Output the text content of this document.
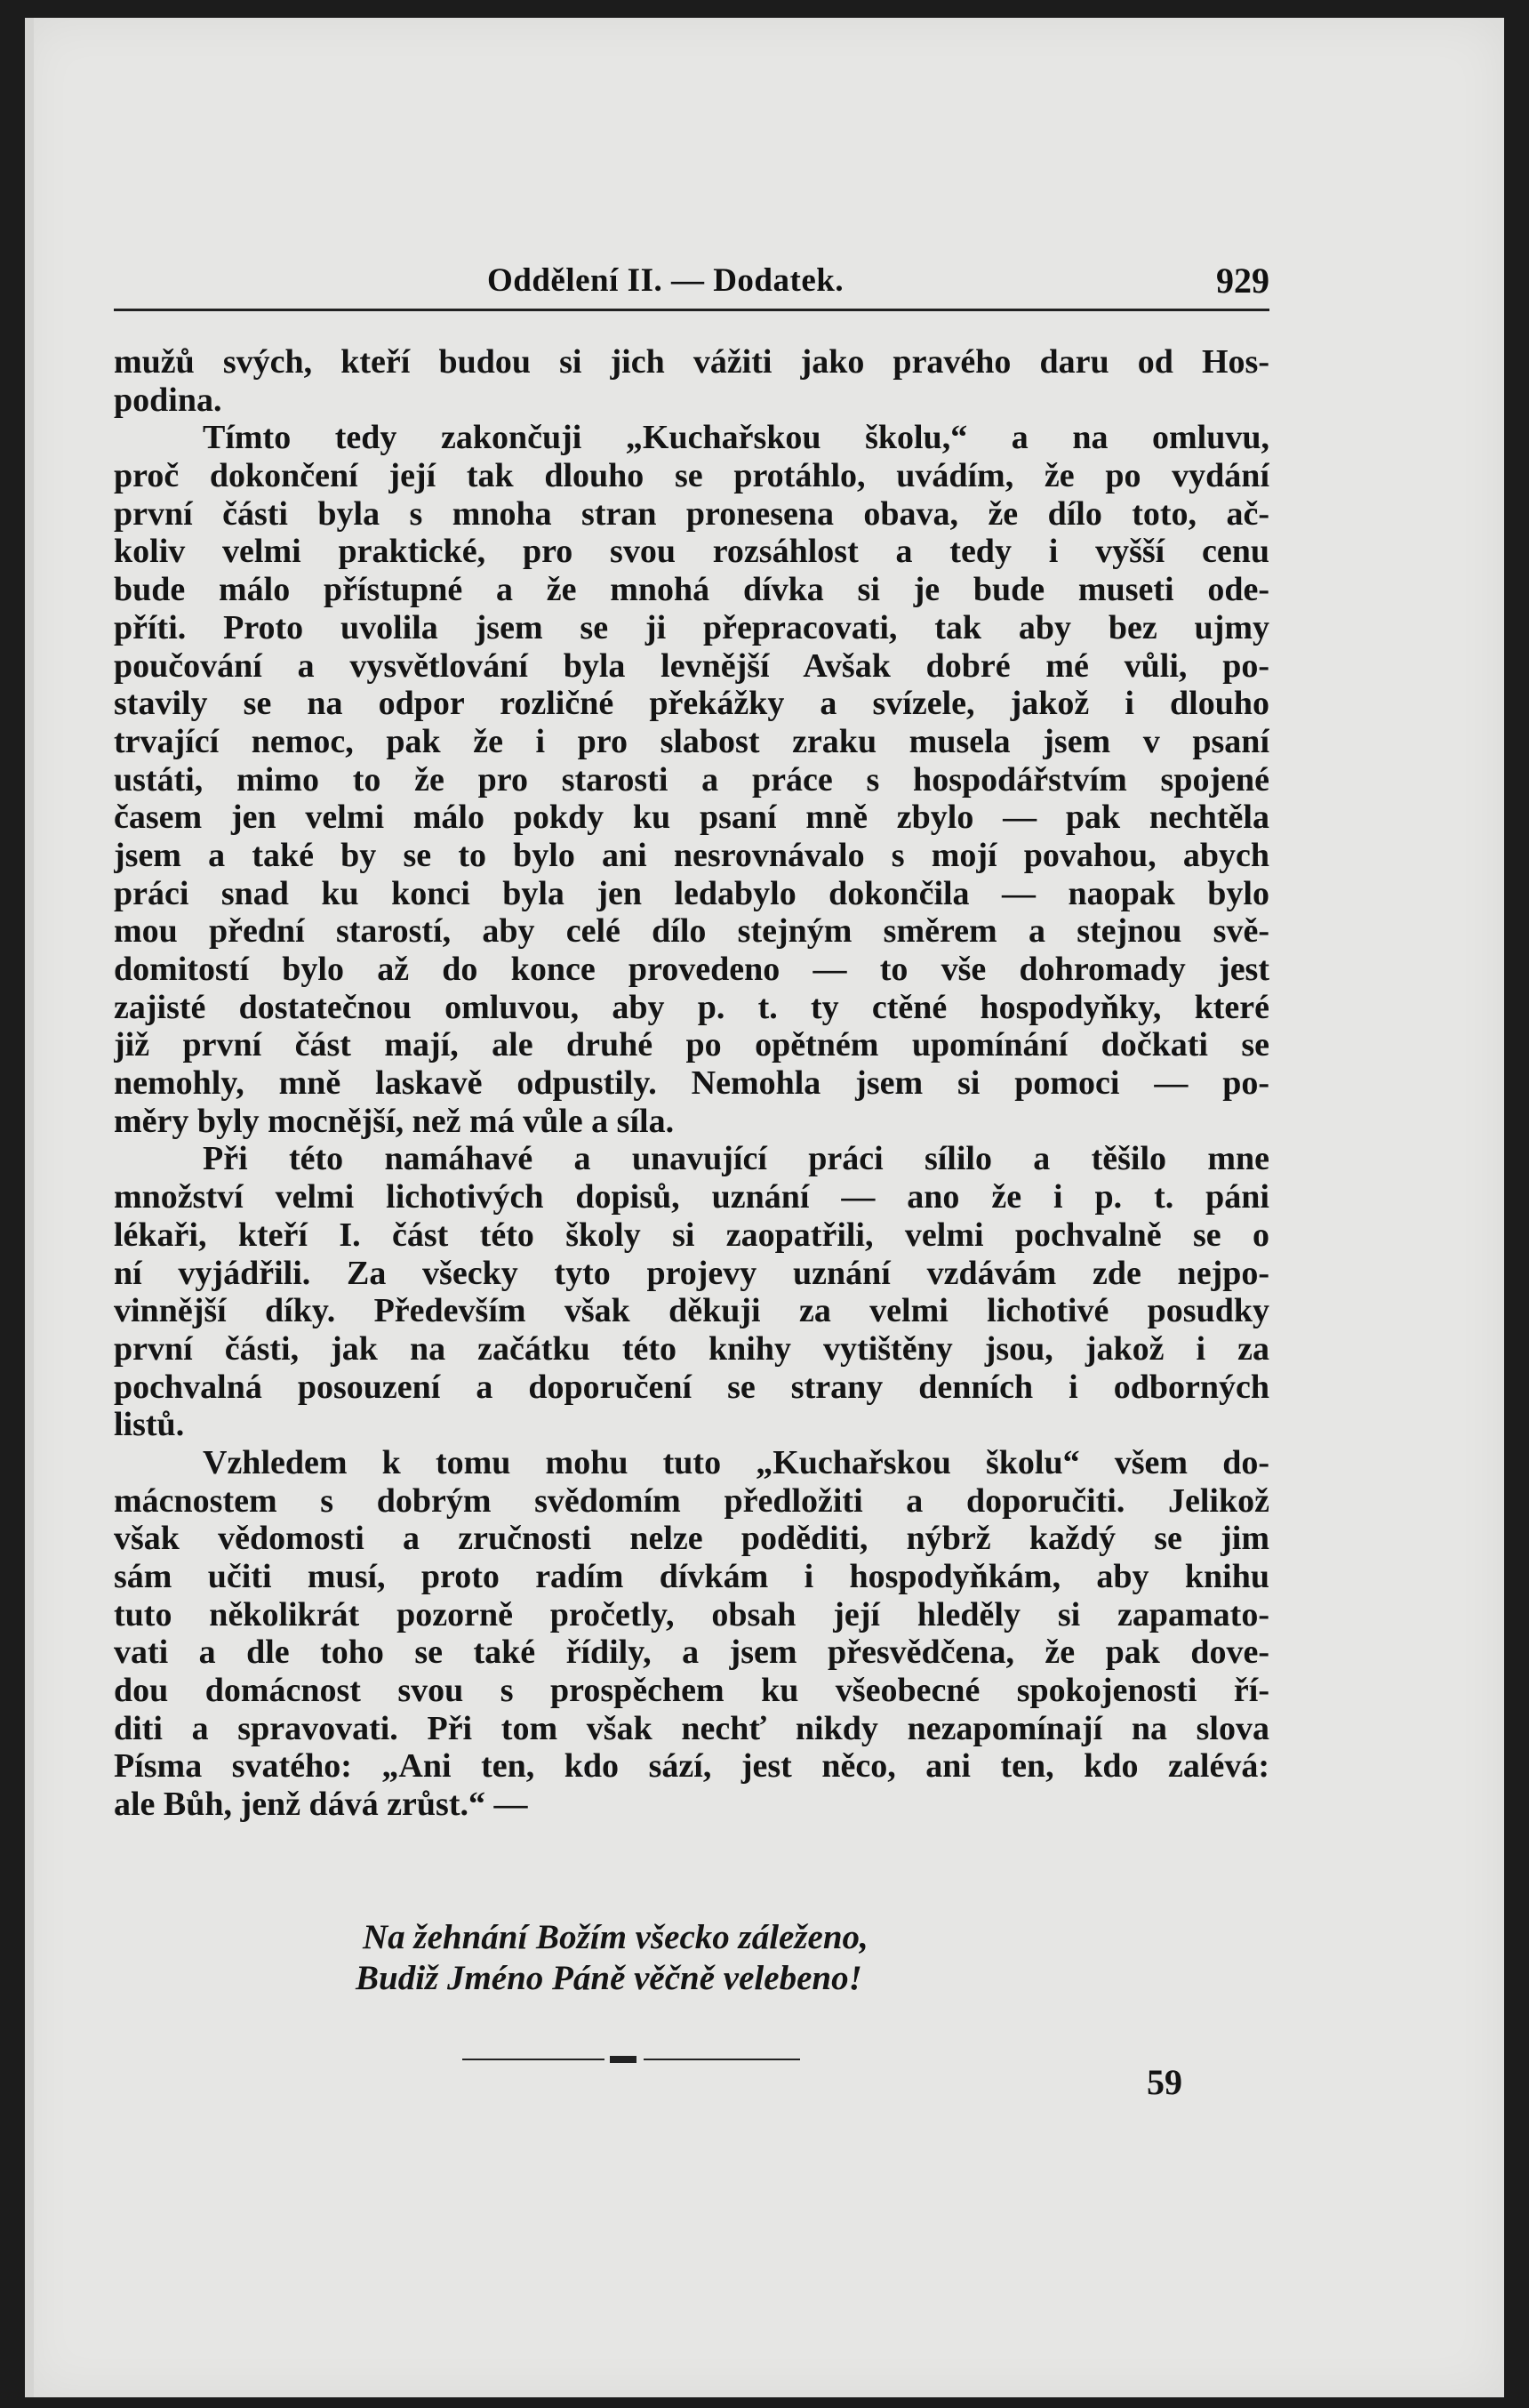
Oddělení II. — Dodatek.	929
mužů svých, kteří budou si jich vážiti jako pravého daru od Hos-
podina.
Tímto tedy zakončuji „Kuchařskou školu,“ a na omluvu,
proč dokončení její tak dlouho se protáhlo, uvádím, že po vydání
první části byla s mnoha stran pronesena obava, že dílo toto, ač-
koliv velmi praktické, pro svou rozsáhlost a tedy i vyšší cenu
bude málo přístupné a že mnohá dívka si je bude museti ode-
příti. Proto uvolila jsem se ji přepracovati, tak aby bez ujmy
poučování a vysvětlování byla levnější Avšak dobré mé vůli, po-
stavily se na odpor rozličné překážky a svízele, jakož i dlouho
trvající nemoc, pak že i pro slabost zraku musela jsem v psaní
ustáti, mimo to že pro starosti a práce s hospodářstvím spojené
časem jen velmi málo pokdy ku psaní mně zbylo — pak nechtěla
jsem a také by se to bylo ani nesrovnávalo s mojí povahou, abych
práci snad ku konci byla jen ledabylo dokončila — naopak bylo
mou přední starostí, aby celé dílo stejným směrem a stejnou svě-
domitostí bylo až do konce provedeno — to vše dohromady jest
zajisté dostatečnou omluvou, aby p. t. ty ctěné hospodyňky, které
již první část mají, ale druhé po opětném upomínání dočkati se
nemohly, mně laskavě odpustily. Nemohla jsem si pomoci — po-
měry byly mocnější, než má vůle a síla.
Při této namáhavé a unavující práci sílilo a těšilo mne
množství velmi lichotivých dopisů, uznání — ano že i p. t. páni
lékaři, kteří I. část této školy si zaopatřili, velmi pochvalně se o
ní vyjádřili. Za všecky tyto projevy uznání vzdávám zde nejpo-
vinnější díky. Především však děkuji za velmi lichotivé posudky
první části, jak na začátku této knihy vytištěny jsou, jakož i za
pochvalná posouzení a doporučení se strany denních i odborných
listů.
Vzhledem k tomu mohu tuto „Kuchařskou školu“ všem do-
mácnostem s dobrým svědomím předložiti a doporučiti. Jelikož
však vědomosti a zručnosti nelze poděditi, nýbrž každý se jim
sám učiti musí, proto radím dívkám i hospodyňkám, aby knihu
tuto několikrát pozorně pročetly, obsah její hleděly si zapamato-
vati a dle toho se také řídily, a jsem přesvědčena, že pak dove-
dou domácnost svou s prospěchem ku všeobecné spokojenosti ří-
diti a spravovati. Při tom však nechť nikdy nezapomínají na slova
Písma svatého: „Ani ten, kdo sází, jest něco, ani ten, kdo zalévá:
ale Bůh, jenž dává zrůst.“ —
Na žehnání Božím všecko záleženo,
Budiž Jméno Páně věčně velebeno!
59
